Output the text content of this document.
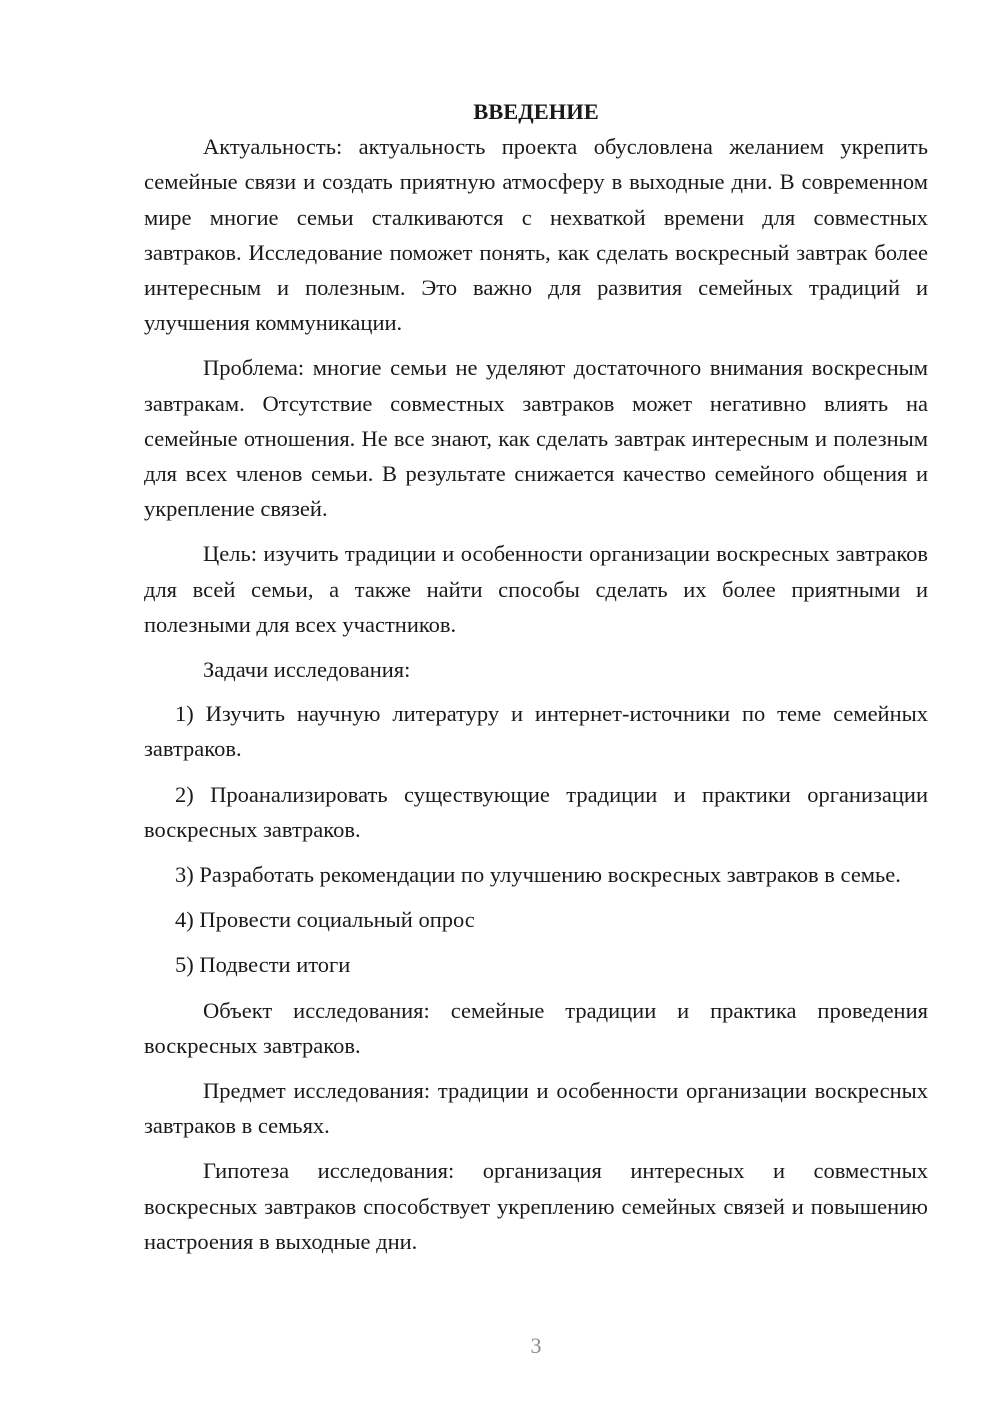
ВВЕДЕНИЕ

Актуальность: актуальность проекта обусловлена желанием укрепить семейные связи и создать приятную атмосферу в выходные дни. В современном мире многие семьи сталкиваются с нехваткой времени для совместных завтраков. Исследование поможет понять, как сделать воскресный завтрак более интересным и полезным. Это важно для развития семейных традиций и улучшения коммуникации.

Проблема: многие семьи не уделяют достаточного внимания воскресным завтракам. Отсутствие совместных завтраков может негативно влиять на семейные отношения. Не все знают, как сделать завтрак интересным и полезным для всех членов семьи. В результате снижается качество семейного общения и укрепление связей.

Цель: изучить традиции и особенности организации воскресных завтраков для всей семьи, а также найти способы сделать их более приятными и полезными для всех участников.

Задачи исследования:

1) Изучить научную литературу и интернет-источники по теме семейных завтраков.

2) Проанализировать существующие традиции и практики организации воскресных завтраков.

3) Разработать рекомендации по улучшению воскресных завтраков в семье.

4) Провести социальный опрос

5) Подвести итоги

Объект исследования: семейные традиции и практика проведения воскресных завтраков.

Предмет исследования: традиции и особенности организации воскресных завтраков в семьях.

Гипотеза исследования: организация интересных и совместных воскресных завтраков способствует укреплению семейных связей и повышению настроения в выходные дни.

3
